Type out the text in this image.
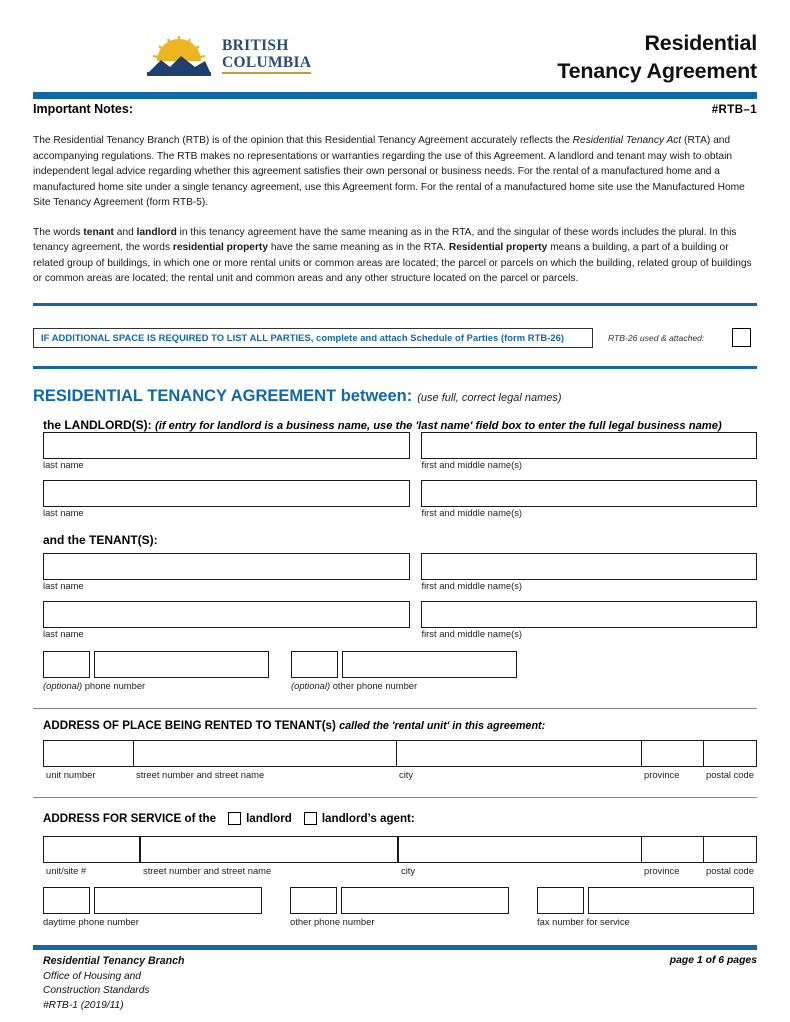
BRITISH
COLUMBIA
Residential
Tenancy Agreement
Important Notes:	#RTB–1
The Residential Tenancy Branch (RTB) is of the opinion that this Residential Tenancy Agreement accurately reflects the Residential Tenancy Act (RTA) and accompanying regulations. The RTB makes no representations or warranties regarding the use of this Agreement. A landlord and tenant may wish to obtain independent legal advice regarding whether this agreement satisfies their own personal or business needs. For the rental of a manufactured home and a manufactured home site under a single tenancy agreement, use this Agreement form. For the rental of a manufactured home site use the Manufactured Home Site Tenancy Agreement (form RTB-5).
The words tenant and landlord in this tenancy agreement have the same meaning as in the RTA, and the singular of these words includes the plural. In this tenancy agreement, the words residential property have the same meaning as in the RTA. Residential property means a building, a part of a building or related group of buildings, in which one or more rental units or common areas are located; the parcel or parcels on which the building, related group of buildings or common areas are located; the rental unit and common areas and any other structure located on the parcel or parcels.
IF ADDITIONAL SPACE IS REQUIRED TO LIST ALL PARTIES, complete and attach Schedule of Parties (form RTB-26)	RTB-26 used & attached:
RESIDENTIAL TENANCY AGREEMENT between: (use full, correct legal names)
the LANDLORD(S): (if entry for landlord is a business name, use the 'last name' field box to enter the full legal business name)
last name	first and middle name(s)
last name	first and middle name(s)
and the TENANT(S):
last name	first and middle name(s)
last name	first and middle name(s)
(optional) phone number	(optional) other phone number
ADDRESS OF PLACE BEING RENTED TO TENANT(s) called the 'rental unit' in this agreement:
unit number	street number and street name	city	province	postal code
ADDRESS FOR SERVICE of the	landlord	landlord’s agent:
unit/site #	street number and street name	city	province	postal code
daytime phone number	other phone number	fax number for service
Residential Tenancy Branch
Office of Housing and
Construction Standards
#RTB-1 (2019/11)
page 1 of 6 pages
